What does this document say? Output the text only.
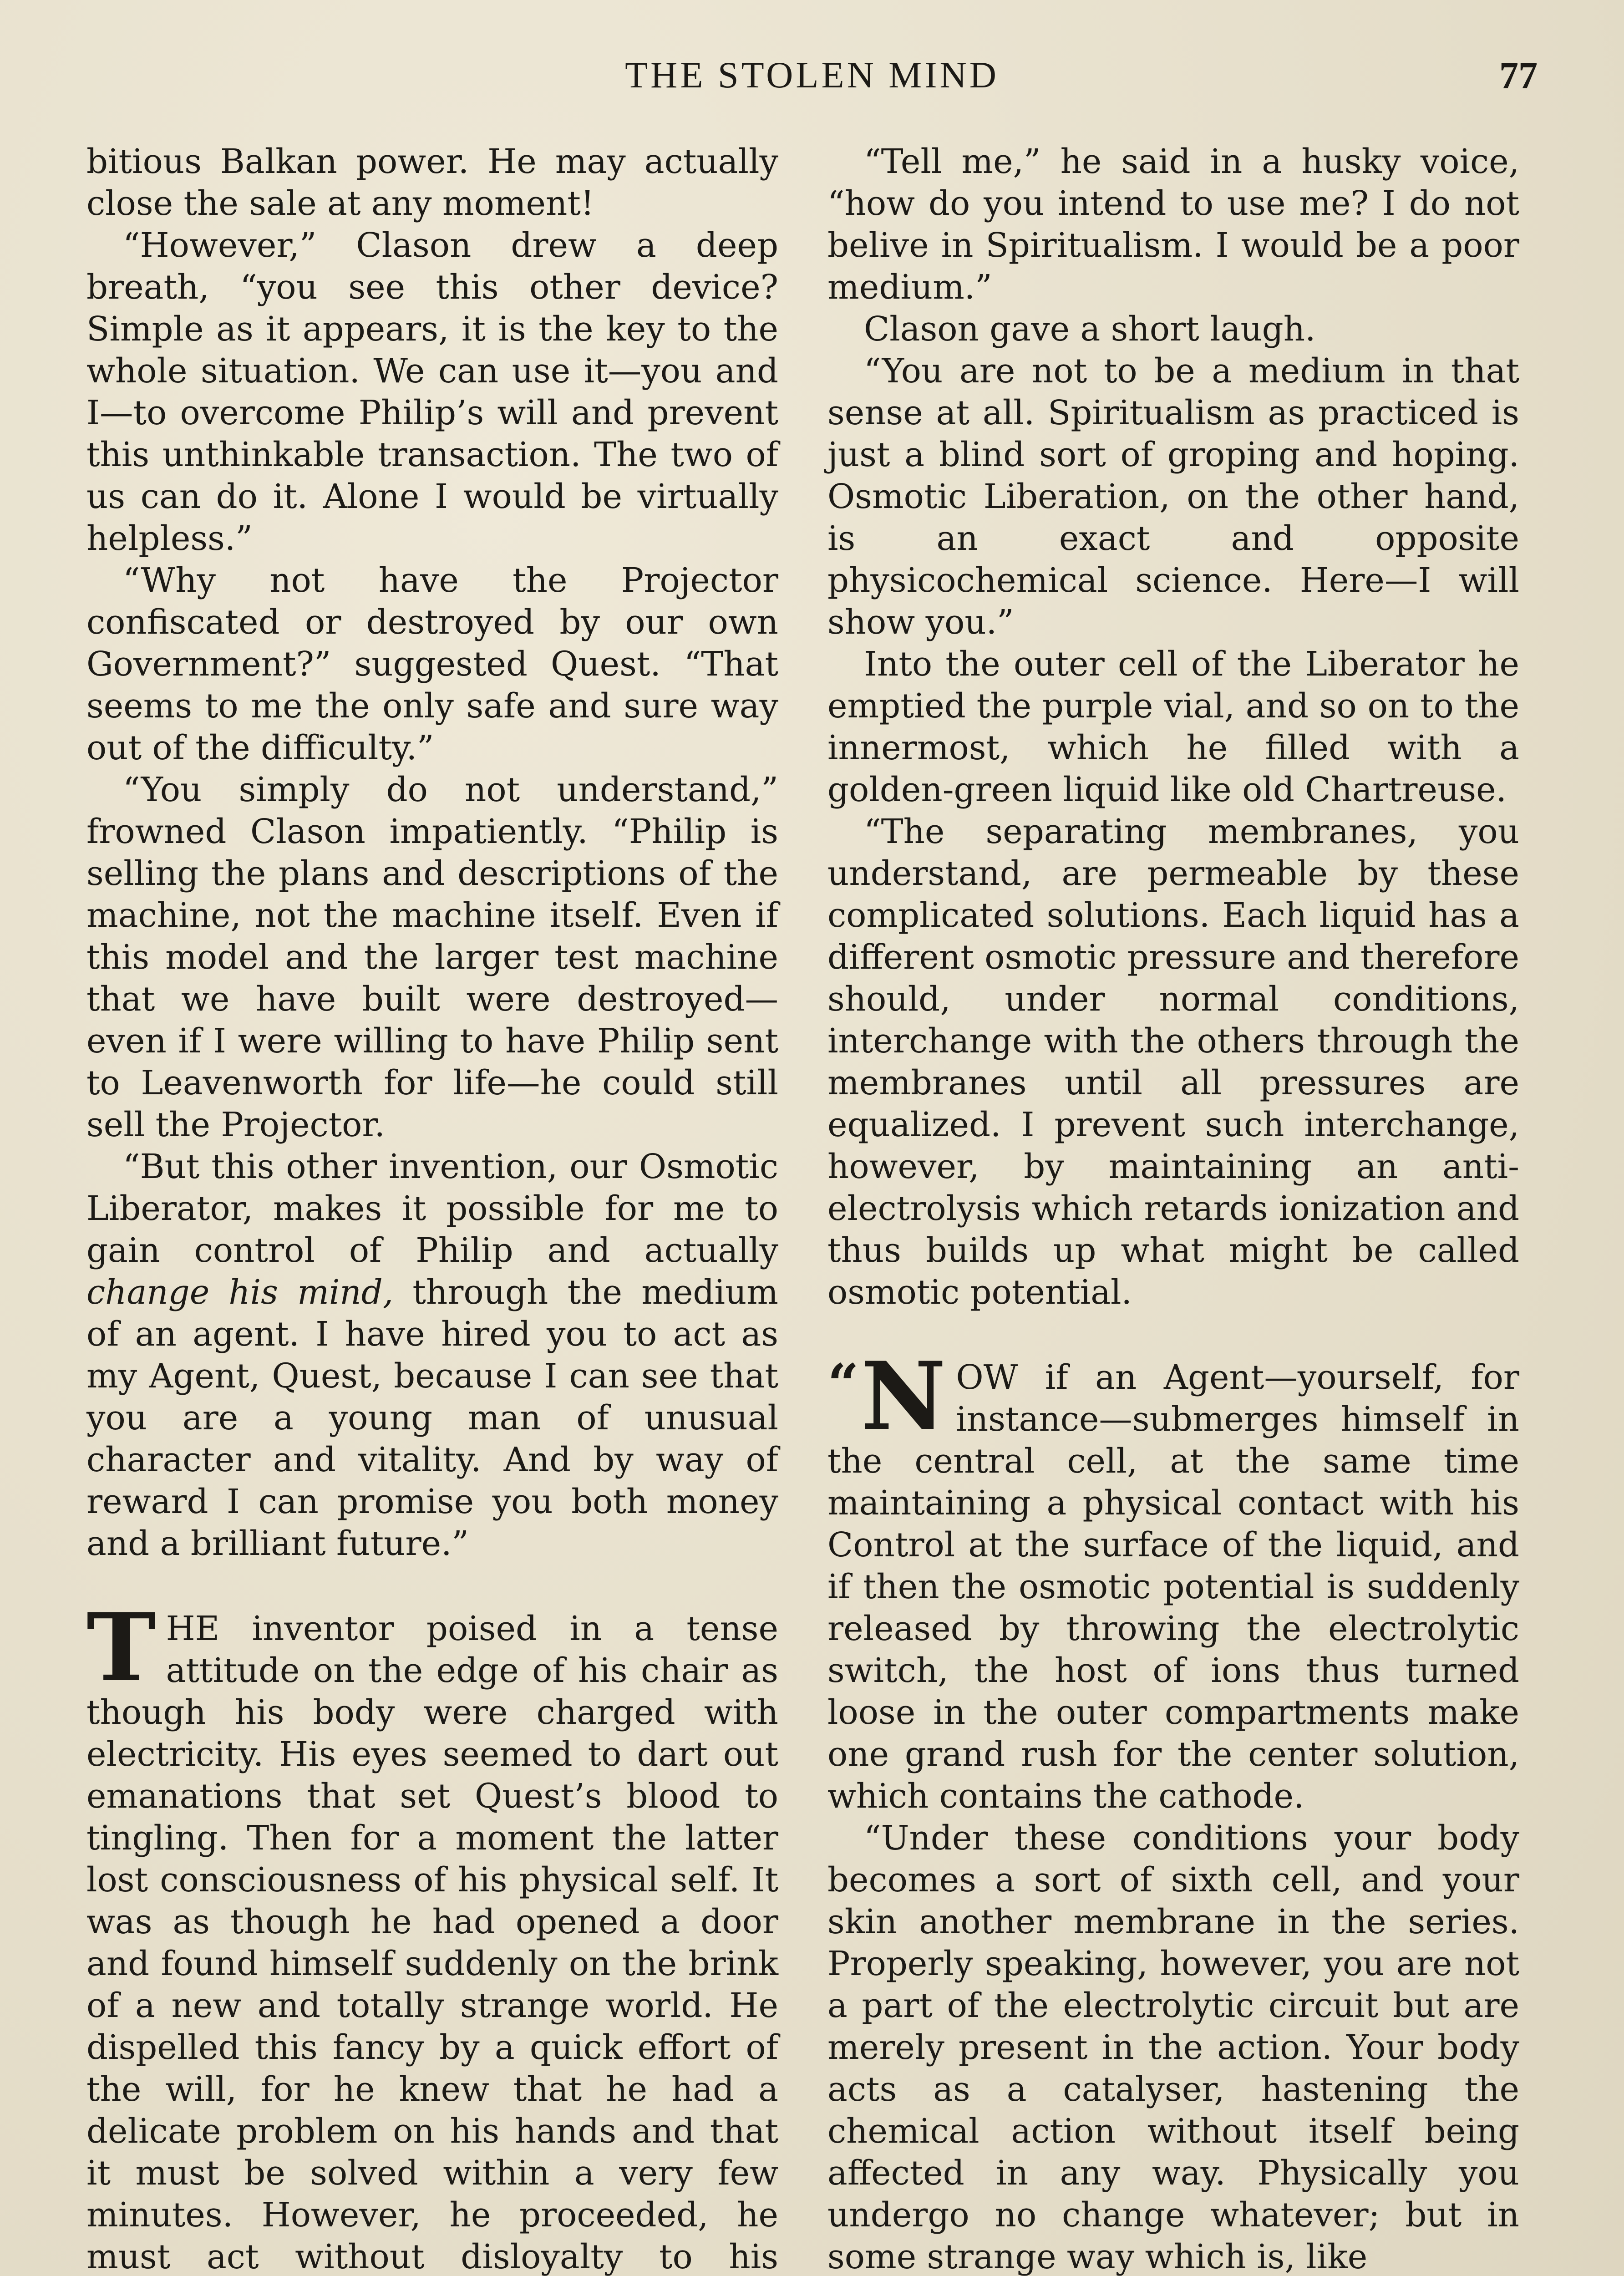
THE STOLEN MIND	77

bitious Balkan power. He may actually close the sale at any moment!

“However,” Clason drew a deep breath, “you see this other device? Simple as it appears, it is the key to the whole situation. We can use it—you and I—to overcome Philip’s will and prevent this unthinkable transaction. The two of us can do it. Alone I would be virtually helpless.”

“Why not have the Projector confiscated or destroyed by our own Government?” suggested Quest. “That seems to me the only safe and sure way out of the difficulty.”

“You simply do not understand,” frowned Clason impatiently. “Philip is selling the plans and descriptions of the machine, not the machine itself. Even if this model and the larger test machine that we have built were destroyed—even if I were willing to have Philip sent to Leavenworth for life—he could still sell the Projector.

“But this other invention, our Osmotic Liberator, makes it possible for me to gain control of Philip and actually change his mind, through the medium of an agent. I have hired you to act as my Agent, Quest, because I can see that you are a young man of unusual character and vitality. And by way of reward I can promise you both money and a brilliant future.”

THE inventor poised in a tense attitude on the edge of his chair as though his body were charged with electricity. His eyes seemed to dart out emanations that set Quest’s blood to tingling. Then for a moment the latter lost consciousness of his physical self. It was as though he had opened a door and found himself suddenly on the brink of a new and totally strange world. He dispelled this fancy by a quick effort of the will, for he knew that he had a delicate problem on his hands and that it must be solved within a very few minutes. However, he proceeded, he must act without disloyalty to his

“Tell me,” he said in a husky voice, “how do you intend to use me? I do not belive in Spiritualism. I would be a poor medium.”

Clason gave a short laugh.

“You are not to be a medium in that sense at all. Spiritualism as practiced is just a blind sort of groping and hoping. Osmotic Liberation, on the other hand, is an exact and opposite physicochemical science. Here—I will show you.”

Into the outer cell of the Liberator he emptied the purple vial, and so on to the innermost, which he filled with a golden-green liquid like old Chartreuse.

“The separating membranes, you understand, are permeable by these complicated solutions. Each liquid has a different osmotic pressure and therefore should, under normal conditions, interchange with the others through the membranes until all pressures are equalized. I prevent such interchange, however, by maintaining an anti-electrolysis which retards ionization and thus builds up what might be called osmotic potential.

“ N OW if an Agent—yourself, for instance—submerges himself in the central cell, at the same time maintaining a physical contact with his Control at the surface of the liquid, and if then the osmotic potential is suddenly released by throwing the electrolytic switch, the host of ions thus turned loose in the outer compartments make one grand rush for the center solution, which contains the cathode.

“Under these conditions your body becomes a sort of sixth cell, and your skin another membrane in the series. Properly speaking, however, you are not a part of the electrolytic circuit but are merely present in the action. Your body acts as a catalyser, hastening the chemical action without itself being affected in any way. Physically you undergo no change whatever; but in some strange way which is, like
